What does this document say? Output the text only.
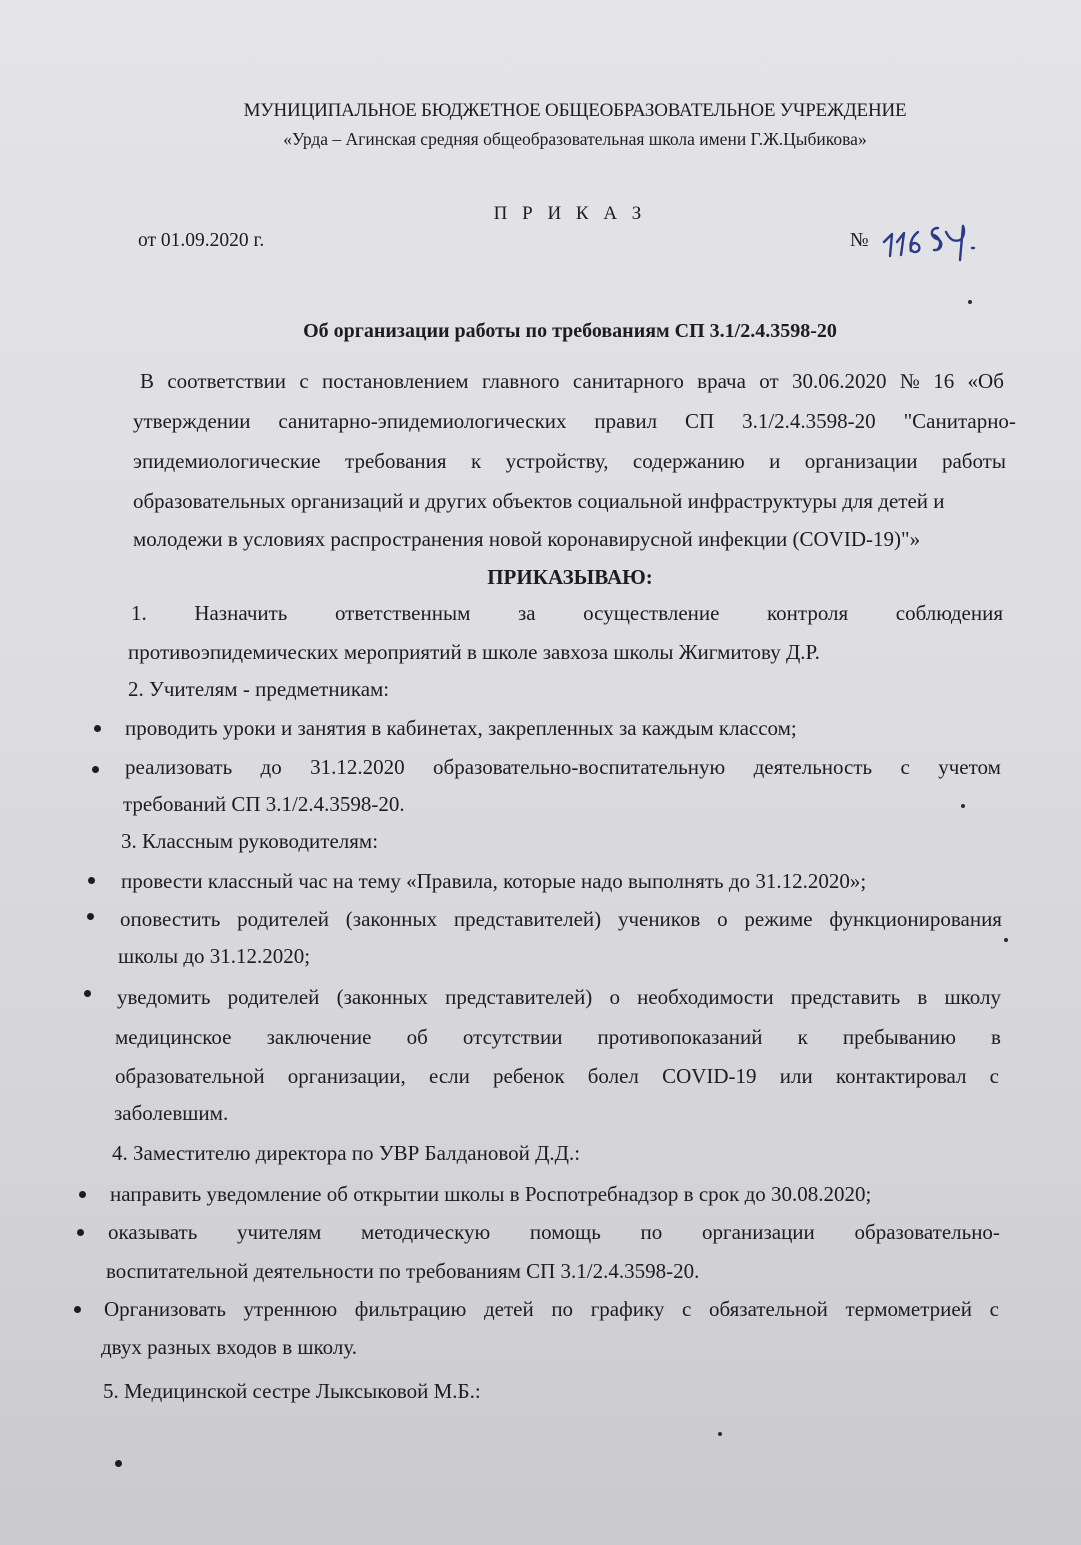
МУНИЦИПАЛЬНОЕ БЮДЖЕТНОЕ ОБЩЕОБРАЗОВАТЕЛЬНОЕ УЧРЕЖДЕНИЕ
«Урда – Агинская средняя общеобразовательная школа имени Г.Ж.Цыбикова»
П Р И К А З
от 01.09.2020 г.	№
Об организации работы по требованиям СП 3.1/2.4.3598-20
В соответствии с постановлением главного санитарного врача от 30.06.2020 № 16 «Об
утверждении санитарно-эпидемиологических правил СП 3.1/2.4.3598-20 "Санитарно-
эпидемиологические требования к устройству, содержанию и организации работы
образовательных организаций и других объектов социальной инфраструктуры для детей и
молодежи в условиях распространения новой коронавирусной инфекции (COVID-19)"»
ПРИКАЗЫВАЮ:
1. Назначить ответственным за осуществление контроля соблюдения
противоэпидемических мероприятий в школе завхоза школы Жигмитову Д.Р.
2. Учителям - предметникам:
проводить уроки и занятия в кабинетах, закрепленных за каждым классом;
реализовать до 31.12.2020 образовательно-воспитательную деятельность с учетом
требований СП 3.1/2.4.3598-20.
3. Классным руководителям:
провести классный час на тему «Правила, которые надо выполнять до 31.12.2020»;
оповестить родителей (законных представителей) учеников о режиме функционирования
школы до 31.12.2020;
уведомить родителей (законных представителей) о необходимости представить в школу
медицинское заключение об отсутствии противопоказаний к пребыванию в
образовательной организации, если ребенок болел COVID-19 или контактировал с
заболевшим.
4. Заместителю директора по УВР Балдановой Д.Д.:
направить уведомление об открытии школы в Роспотребнадзор в срок до 30.08.2020;
оказывать учителям методическую помощь по организации образовательно-
воспитательной деятельности по требованиям СП 3.1/2.4.3598-20.
Организовать утреннюю фильтрацию детей по графику с обязательной термометрией с
двух разных входов в школу.
5. Медицинской сестре Лыксыковой М.Б.:
